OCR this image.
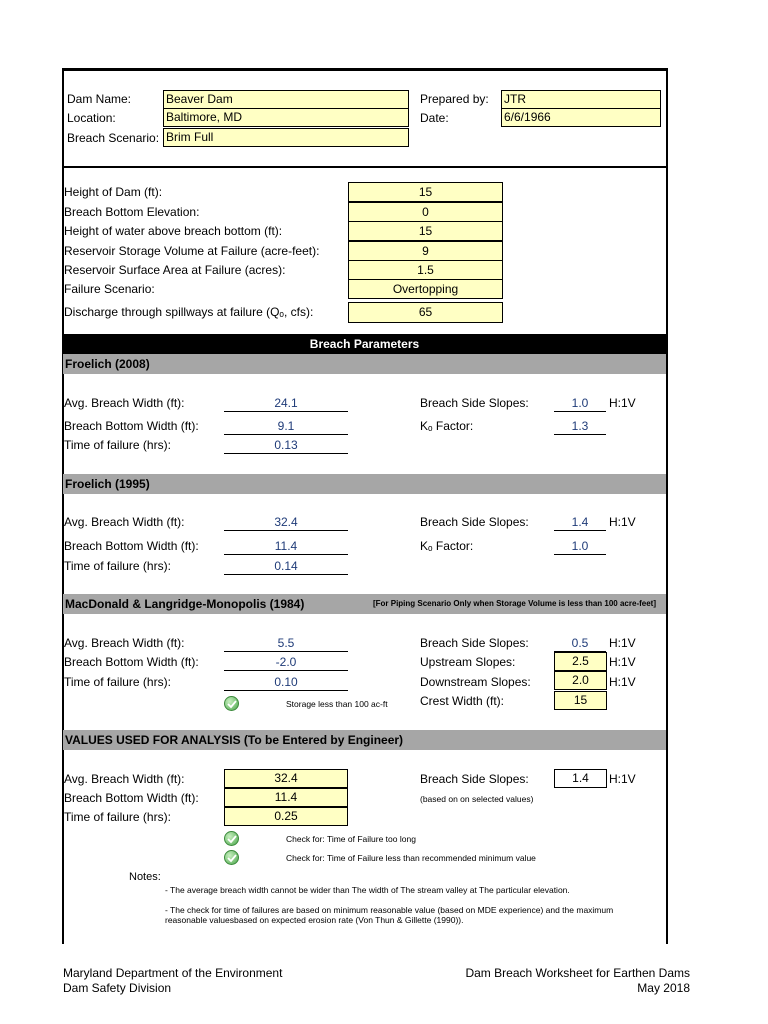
Dam Name:	Beaver Dam
Location:	Baltimore, MD
Breach Scenario: Brim Full
Prepared by: JTR
Date:	6/6/1966
Height of Dam (ft):	15
Breach Bottom Elevation:	0
Height of water above breach bottom (ft):	15
Reservoir Storage Volume at Failure (acre-feet):	9
Reservoir Surface Area at Failure (acres):	1.5
Failure Scenario:	Overtopping
Discharge through spillways at failure (Qₒ, cfs):	65
Breach Parameters
Froelich (2008)
Avg. Breach Width (ft):	24.1
Breach Bottom Width (ft):	9.1
Time of failure (hrs):	0.13
Breach Side Slopes:	1.0	H:1V
Kₒ Factor:	1.3
Froelich (1995)
Avg. Breach Width (ft):	32.4
Breach Bottom Width (ft):	11.4
Time of failure (hrs):	0.14
Breach Side Slopes:	1.4	H:1V
Kₒ Factor:	1.0
MacDonald & Langridge-Monopolis (1984)	[For Piping Scenario Only when Storage Volume is less than 100 acre-feet]
Avg. Breach Width (ft):	5.5
Breach Bottom Width (ft):	-2.0
Time of failure (hrs):	0.10
Storage less than 100 ac-ft
Breach Side Slopes:	0.5	H:1V
Upstream Slopes:	2.5	H:1V
Downstream Slopes:	2.0	H:1V
Crest Width (ft):	15
VALUES USED FOR ANALYSIS (To be Entered by Engineer)
Avg. Breach Width (ft):	32.4
Breach Bottom Width (ft):	11.4
Time of failure (hrs):	0.25
Breach Side Slopes:	1.4	H:1V
(based on on selected values)
Check for: Time of Failure too long
Check for: Time of Failure less than recommended minimum value
Notes:
- The average breach width cannot be wider than The width of The stream valley at The particular elevation.
- The check for time of failures are based on minimum reasonable value (based on MDE experience) and the maximum
reasonable valuesbased on expected erosion rate (Von Thun & Gillette (1990)).
Maryland Department of the Environment
Dam Safety Division
Dam Breach Worksheet for Earthen Dams
May 2018
